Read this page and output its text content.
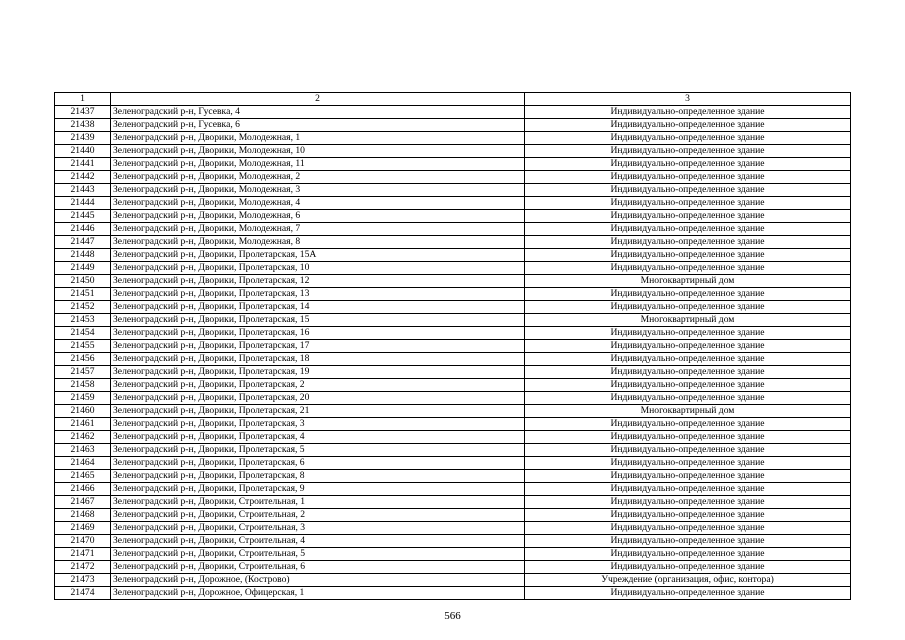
1	2	3
21437	Зеленоградский р-н, Гусевка, 4	Индивидуально-определенное здание
21438	Зеленоградский р-н, Гусевка, 6	Индивидуально-определенное здание
21439	Зеленоградский р-н, Дворики, Молодежная, 1	Индивидуально-определенное здание
21440	Зеленоградский р-н, Дворики, Молодежная, 10	Индивидуально-определенное здание
21441	Зеленоградский р-н, Дворики, Молодежная, 11	Индивидуально-определенное здание
21442	Зеленоградский р-н, Дворики, Молодежная, 2	Индивидуально-определенное здание
21443	Зеленоградский р-н, Дворики, Молодежная, 3	Индивидуально-определенное здание
21444	Зеленоградский р-н, Дворики, Молодежная, 4	Индивидуально-определенное здание
21445	Зеленоградский р-н, Дворики, Молодежная, 6	Индивидуально-определенное здание
21446	Зеленоградский р-н, Дворики, Молодежная, 7	Индивидуально-определенное здание
21447	Зеленоградский р-н, Дворики, Молодежная, 8	Индивидуально-определенное здание
21448	Зеленоградский р-н, Дворики, Пролетарская, 15А	Индивидуально-определенное здание
21449	Зеленоградский р-н, Дворики, Пролетарская, 10	Индивидуально-определенное здание
21450	Зеленоградский р-н, Дворики, Пролетарская, 12	Многоквартирный дом
21451	Зеленоградский р-н, Дворики, Пролетарская, 13	Индивидуально-определенное здание
21452	Зеленоградский р-н, Дворики, Пролетарская, 14	Индивидуально-определенное здание
21453	Зеленоградский р-н, Дворики, Пролетарская, 15	Многоквартирный дом
21454	Зеленоградский р-н, Дворики, Пролетарская, 16	Индивидуально-определенное здание
21455	Зеленоградский р-н, Дворики, Пролетарская, 17	Индивидуально-определенное здание
21456	Зеленоградский р-н, Дворики, Пролетарская, 18	Индивидуально-определенное здание
21457	Зеленоградский р-н, Дворики, Пролетарская, 19	Индивидуально-определенное здание
21458	Зеленоградский р-н, Дворики, Пролетарская, 2	Индивидуально-определенное здание
21459	Зеленоградский р-н, Дворики, Пролетарская, 20	Индивидуально-определенное здание
21460	Зеленоградский р-н, Дворики, Пролетарская, 21	Многоквартирный дом
21461	Зеленоградский р-н, Дворики, Пролетарская, 3	Индивидуально-определенное здание
21462	Зеленоградский р-н, Дворики, Пролетарская, 4	Индивидуально-определенное здание
21463	Зеленоградский р-н, Дворики, Пролетарская, 5	Индивидуально-определенное здание
21464	Зеленоградский р-н, Дворики, Пролетарская, 6	Индивидуально-определенное здание
21465	Зеленоградский р-н, Дворики, Пролетарская, 8	Индивидуально-определенное здание
21466	Зеленоградский р-н, Дворики, Пролетарская, 9	Индивидуально-определенное здание
21467	Зеленоградский р-н, Дворики, Строительная, 1	Индивидуально-определенное здание
21468	Зеленоградский р-н, Дворики, Строительная, 2	Индивидуально-определенное здание
21469	Зеленоградский р-н, Дворики, Строительная, 3	Индивидуально-определенное здание
21470	Зеленоградский р-н, Дворики, Строительная, 4	Индивидуально-определенное здание
21471	Зеленоградский р-н, Дворики, Строительная, 5	Индивидуально-определенное здание
21472	Зеленоградский р-н, Дворики, Строительная, 6	Индивидуально-определенное здание
21473	Зеленоградский р-н, Дорожное, (Кострово)	Учреждение (организация, офис, контора)
21474	Зеленоградский р-н, Дорожное, Офицерская, 1	Индивидуально-определенное здание
566
